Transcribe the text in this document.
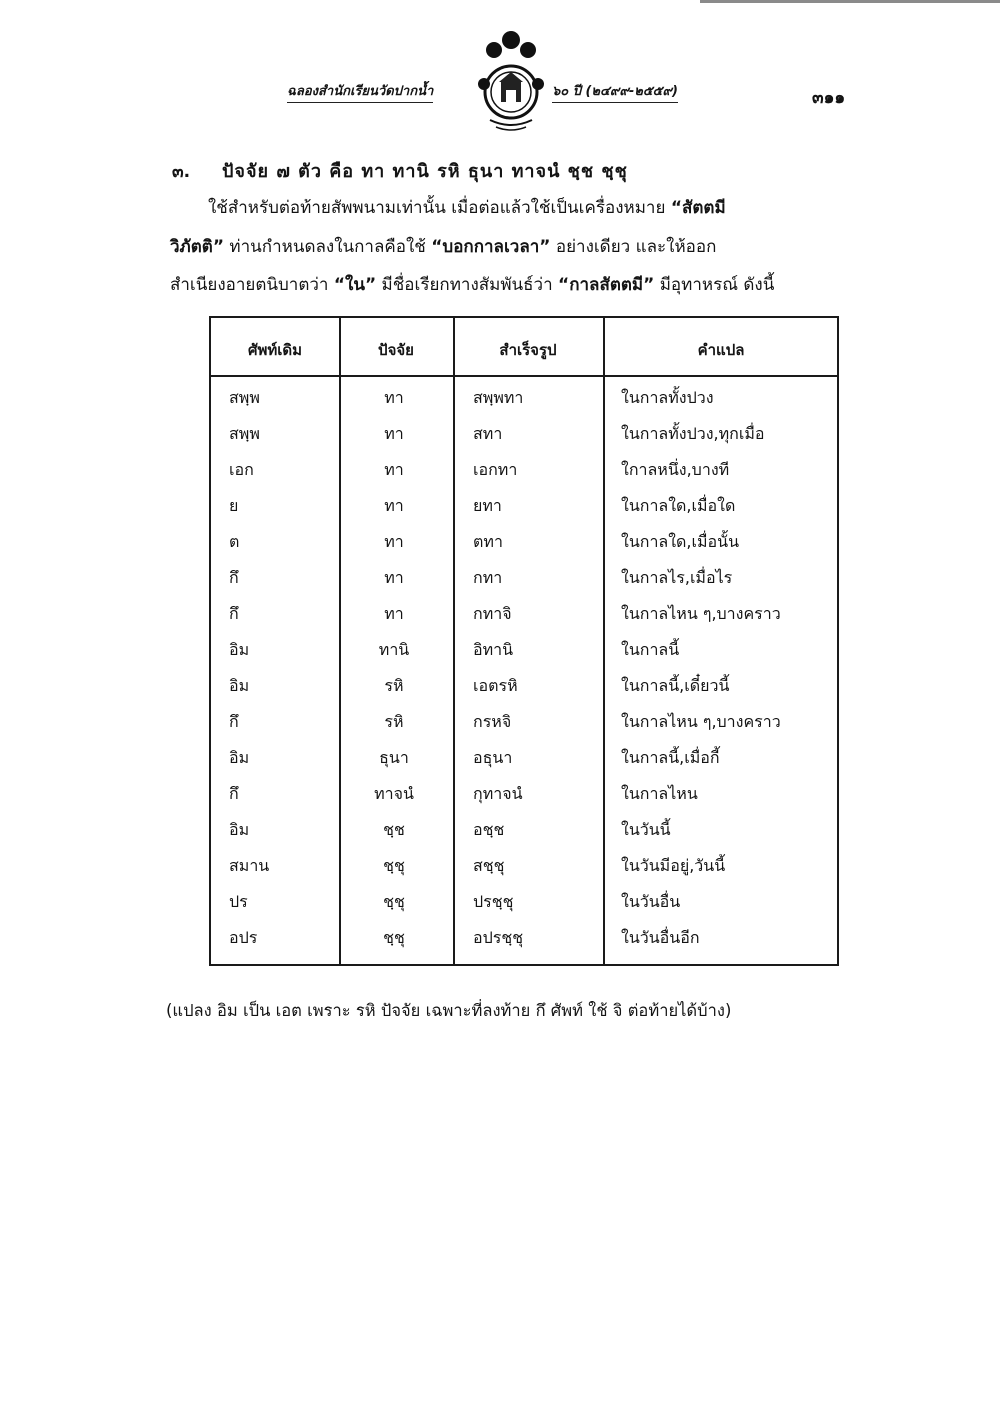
ฉลองสำนักเรียนวัดปากน้ำ	๖๐ ปี (๒๔๙๙-๒๕๕๙)	๓๑๑
๓. ปัจจัย ๗ ตัว คือ ทา ทานิ รหิ ธุนา ทาจนํ ชฺช ชฺชุ
ใช้สำหรับต่อท้ายสัพพนามเท่านั้น เมื่อต่อแล้วใช้เป็นเครื่องหมาย “สัตตมี
วิภัตติ” ท่านกำหนดลงในกาลคือใช้ “บอกกาลเวลา” อย่างเดียว และให้ออก
สำเนียงอายตนิบาตว่า “ใน” มีชื่อเรียกทางสัมพันธ์ว่า “กาลสัตตมี” มีอุทาหรณ์ ดังนี้
ศัพท์เดิม	ปัจจัย	สำเร็จรูป	คำแปล
สพฺพ	ทา	สพฺพทา	ในกาลทั้งปวง
สพฺพ	ทา	สทา	ในกาลทั้งปวง,ทุกเมื่อ
เอก	ทา	เอกทา	ใกาลหนึ่ง,บางที
ย	ทา	ยทา	ในกาลใด,เมื่อใด
ต	ทา	ตทา	ในกาลใด,เมื่อนั้น
กึ	ทา	กทา	ในกาลไร,เมื่อไร
กึ	ทา	กทาจิ	ในกาลไหน ๆ,บางคราว
อิม	ทานิ	อิทานิ	ในกาลนี้
อิม	รหิ	เอตรหิ	ในกาลนี้,เดี๋ยวนี้
กึ	รหิ	กรหจิ	ในกาลไหน ๆ,บางคราว
อิม	ธุนา	อธุนา	ในกาลนี้,เมื่อกี้
กึ	ทาจนํ	กุทาจนํ	ในกาลไหน
อิม	ชฺช	อชฺช	ในวันนี้
สมาน	ชฺชุ	สชฺชุ	ในวันมีอยู่,วันนี้
ปร	ชฺชุ	ปรชฺชุ	ในวันอื่น
อปร	ชฺชุ	อปรชฺชุ	ในวันอื่นอีก
(แปลง อิม เป็น เอต เพราะ รหิ ปัจจัย เฉพาะที่ลงท้าย กึ ศัพท์ ใช้ จิ ต่อท้ายได้บ้าง)
